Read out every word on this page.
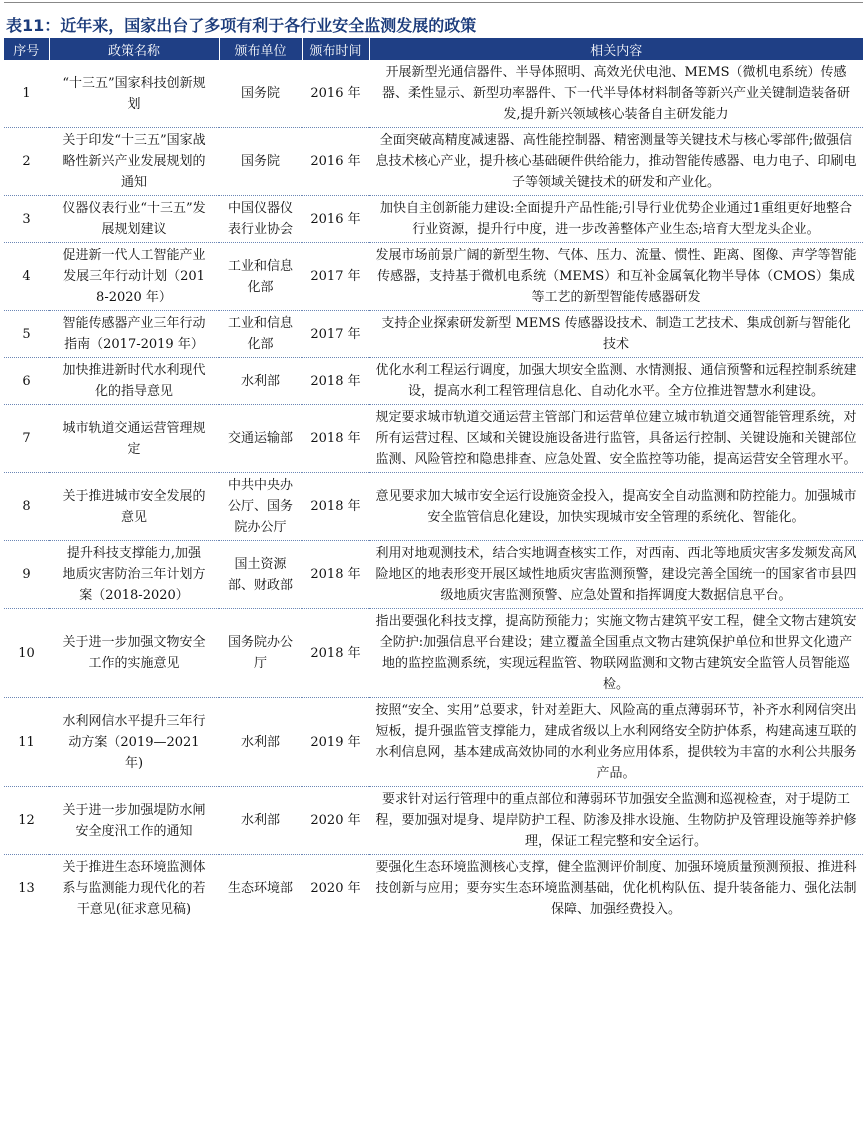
表11：近年来，国家出台了多项有利于各行业安全监测发展的政策
序号	政策名称	颁布单位	颁布时间	相关内容
1	“十三五”国家科技创新规划	国务院	2016 年	开展新型光通信器件、半导体照明、高效光伏电池、MEMS（微机电系统）传感器、柔性显示、新型功率器件、下一代半导体材料制备等新兴产业关键制造装备研发,提升新兴领域核心装备自主研发能力
2	关于印发“十三五”国家战略性新兴产业发展规划的通知	国务院	2016 年	全面突破高精度减速器、高性能控制器、精密测量等关键技术与核心零部件;做强信息技术核心产业，提升核心基础硬件供给能力，推动智能传感器、电力电子、印刷电子等领域关键技术的研发和产业化。
3	仪器仪表行业“十三五”发展规划建议	中国仪器仪表行业协会	2016 年	加快自主创新能力建设:全面提升产品性能;引导行业优势企业通过1重组更好地整合行业资源，提升行中度，进一步改善整体产业生态;培育大型龙头企业。
4	促进新一代人工智能产业发展三年行动计划（2018-2020 年）	工业和信息化部	2017 年	发展市场前景广阔的新型生物、气体、压力、流量、惯性、距离、图像、声学等智能传感器，支持基于微机电系统（MEMS）和互补金属氧化物半导体（CMOS）集成等工艺的新型智能传感器研发
5	智能传感器产业三年行动指南（2017-2019 年）	工业和信息化部	2017 年	支持企业探索研发新型 MEMS 传感器设技术、制造工艺技术、集成创新与智能化技术
6	加快推进新时代水利现代化的指导意见	水利部	2018 年	优化水利工程运行调度，加强大坝安全监测、水情测报、通信预警和远程控制系统建设，提高水利工程管理信息化、自动化水平。全方位推进智慧水利建设。
7	城市轨道交通运营管理规定	交通运输部	2018 年	规定要求城市轨道交通运营主管部门和运营单位建立城市轨道交通智能管理系统，对所有运营过程、区域和关键设施设备进行监管，具备运行控制、关键设施和关键部位监测、风险管控和隐患排查、应急处置、安全监控等功能，提高运营安全管理水平。
8	关于推进城市安全发展的意见	中共中央办公厅、国务院办公厅	2018 年	意见要求加大城市安全运行设施资金投入，提高安全自动监测和防控能力。加强城市安全监管信息化建设，加快实现城市安全管理的系统化、智能化。
9	提升科技支撑能力,加强地质灾害防治三年计划方案（2018-2020）	国土资源部、财政部	2018 年	利用对地观测技术，结合实地调查核实工作，对西南、西北等地质灾害多发频发高风险地区的地表形变开展区域性地质灾害监测预警，建设完善全国统一的国家省市县四级地质灾害监测预警、应急处置和指挥调度大数据信息平台。
10	关于进一步加强文物安全工作的实施意见	国务院办公厅	2018 年	指出要强化科技支撑，提高防预能力；实施文物古建筑平安工程，健全文物古建筑安全防护:加强信息平台建设；建立覆盖全国重点文物古建筑保护单位和世界文化遗产地的监控监测系统，实现远程监管、物联网监测和文物古建筑安全监管人员智能巡检。
11	水利网信水平提升三年行动方案（2019—2021 年)	水利部	2019 年	按照“安全、实用”总要求，针对差距大、风险高的重点薄弱环节，补齐水利网信突出短板，提升强监管支撑能力，建成省级以上水利网络安全防护体系，构建高速互联的水利信息网，基本建成高效协同的水利业务应用体系，提供较为丰富的水利公共服务产品。
12	关于进一步加强堤防水闸安全度汛工作的通知	水利部	2020 年	要求针对运行管理中的重点部位和薄弱环节加强安全监测和巡视检查，对于堤防工程，要加强对堤身、堤岸防护工程、防渗及排水设施、生物防护及管理设施等养护修理，保证工程完整和安全运行。
13	关于推进生态环境监测体系与监测能力现代化的若干意见(征求意见稿)	生态环境部	2020 年	要强化生态环境监测核心支撑，健全监测评价制度、加强环境质量预测预报、推进科技创新与应用；要夯实生态环境监测基础，优化机构队伍、提升装备能力、强化法制保障、加强经费投入。
